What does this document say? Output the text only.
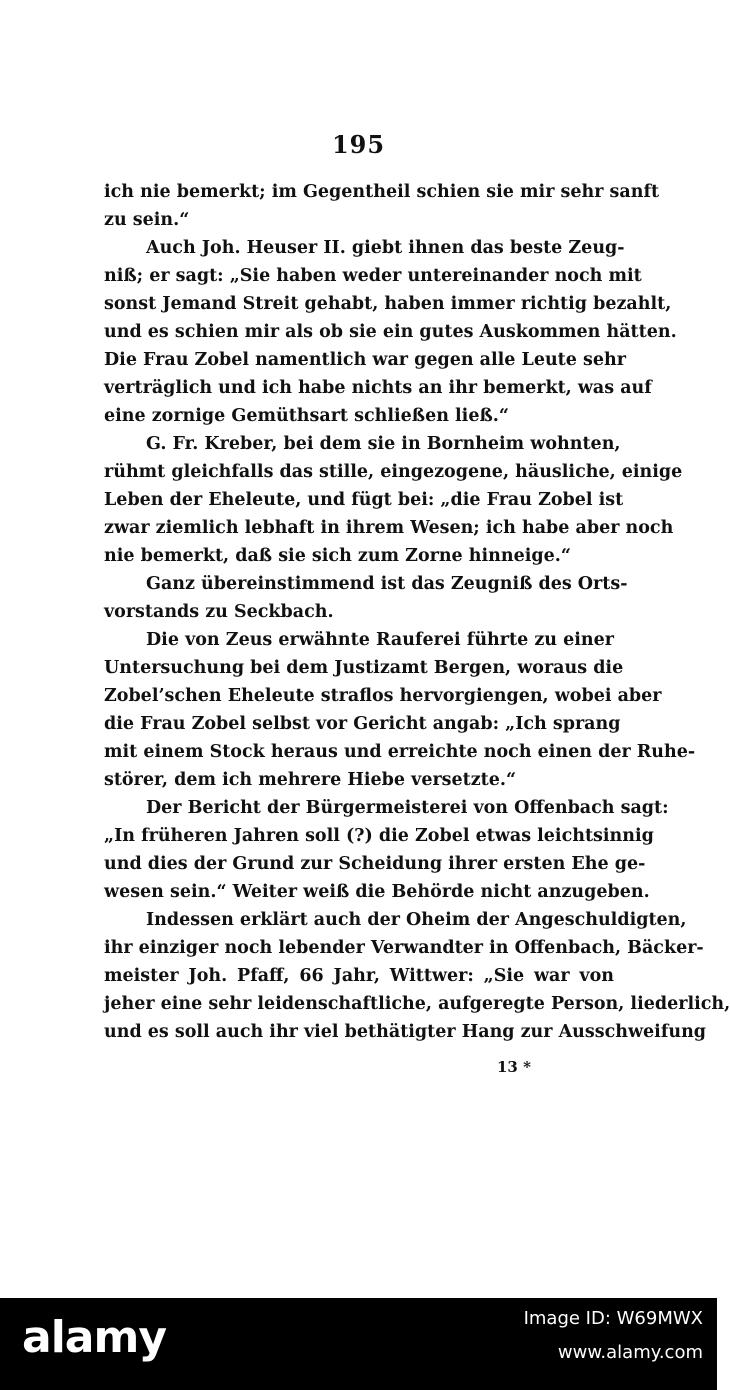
195
ich nie bemerkt; im Gegentheil schien sie mir sehr sanft
zu sein.“
Auch Joh. Heuser II. giebt ihnen das beste Zeug-
niß; er sagt: „Sie haben weder untereinander noch mit
sonst Jemand Streit gehabt, haben immer richtig bezahlt,
und es schien mir als ob sie ein gutes Auskommen hätten.
Die Frau Zobel namentlich war gegen alle Leute sehr
verträglich und ich habe nichts an ihr bemerkt, was auf
eine zornige Gemüthsart schließen ließ.“
G. Fr. Kreber, bei dem sie in Bornheim wohnten,
rühmt gleichfalls das stille, eingezogene, häusliche, einige
Leben der Eheleute, und fügt bei: „die Frau Zobel ist
zwar ziemlich lebhaft in ihrem Wesen; ich habe aber noch
nie bemerkt, daß sie sich zum Zorne hinneige.“
Ganz übereinstimmend ist das Zeugniß des Orts-
vorstands zu Seckbach.
Die von Zeus erwähnte Rauferei führte zu einer
Untersuchung bei dem Justizamt Bergen, woraus die
Zobel’schen Eheleute straflos hervorgiengen, wobei aber
die Frau Zobel selbst vor Gericht angab: „Ich sprang
mit einem Stock heraus und erreichte noch einen der Ruhe-
störer, dem ich mehrere Hiebe versetzte.“
Der Bericht der Bürgermeisterei von Offenbach sagt:
„In früheren Jahren soll (?) die Zobel etwas leichtsinnig
und dies der Grund zur Scheidung ihrer ersten Ehe ge-
wesen sein.“ Weiter weiß die Behörde nicht anzugeben.
Indessen erklärt auch der Oheim der Angeschuldigten,
ihr einziger noch lebender Verwandter in Offenbach, Bäcker-
meister Joh. Pfaff, 66 Jahr, Wittwer: „Sie war von
jeher eine sehr leidenschaftliche, aufgeregte Person, liederlich,
und es soll auch ihr viel bethätigter Hang zur Ausschweifung
13 *
alamy	Image ID: W69MWX
www.alamy.com
